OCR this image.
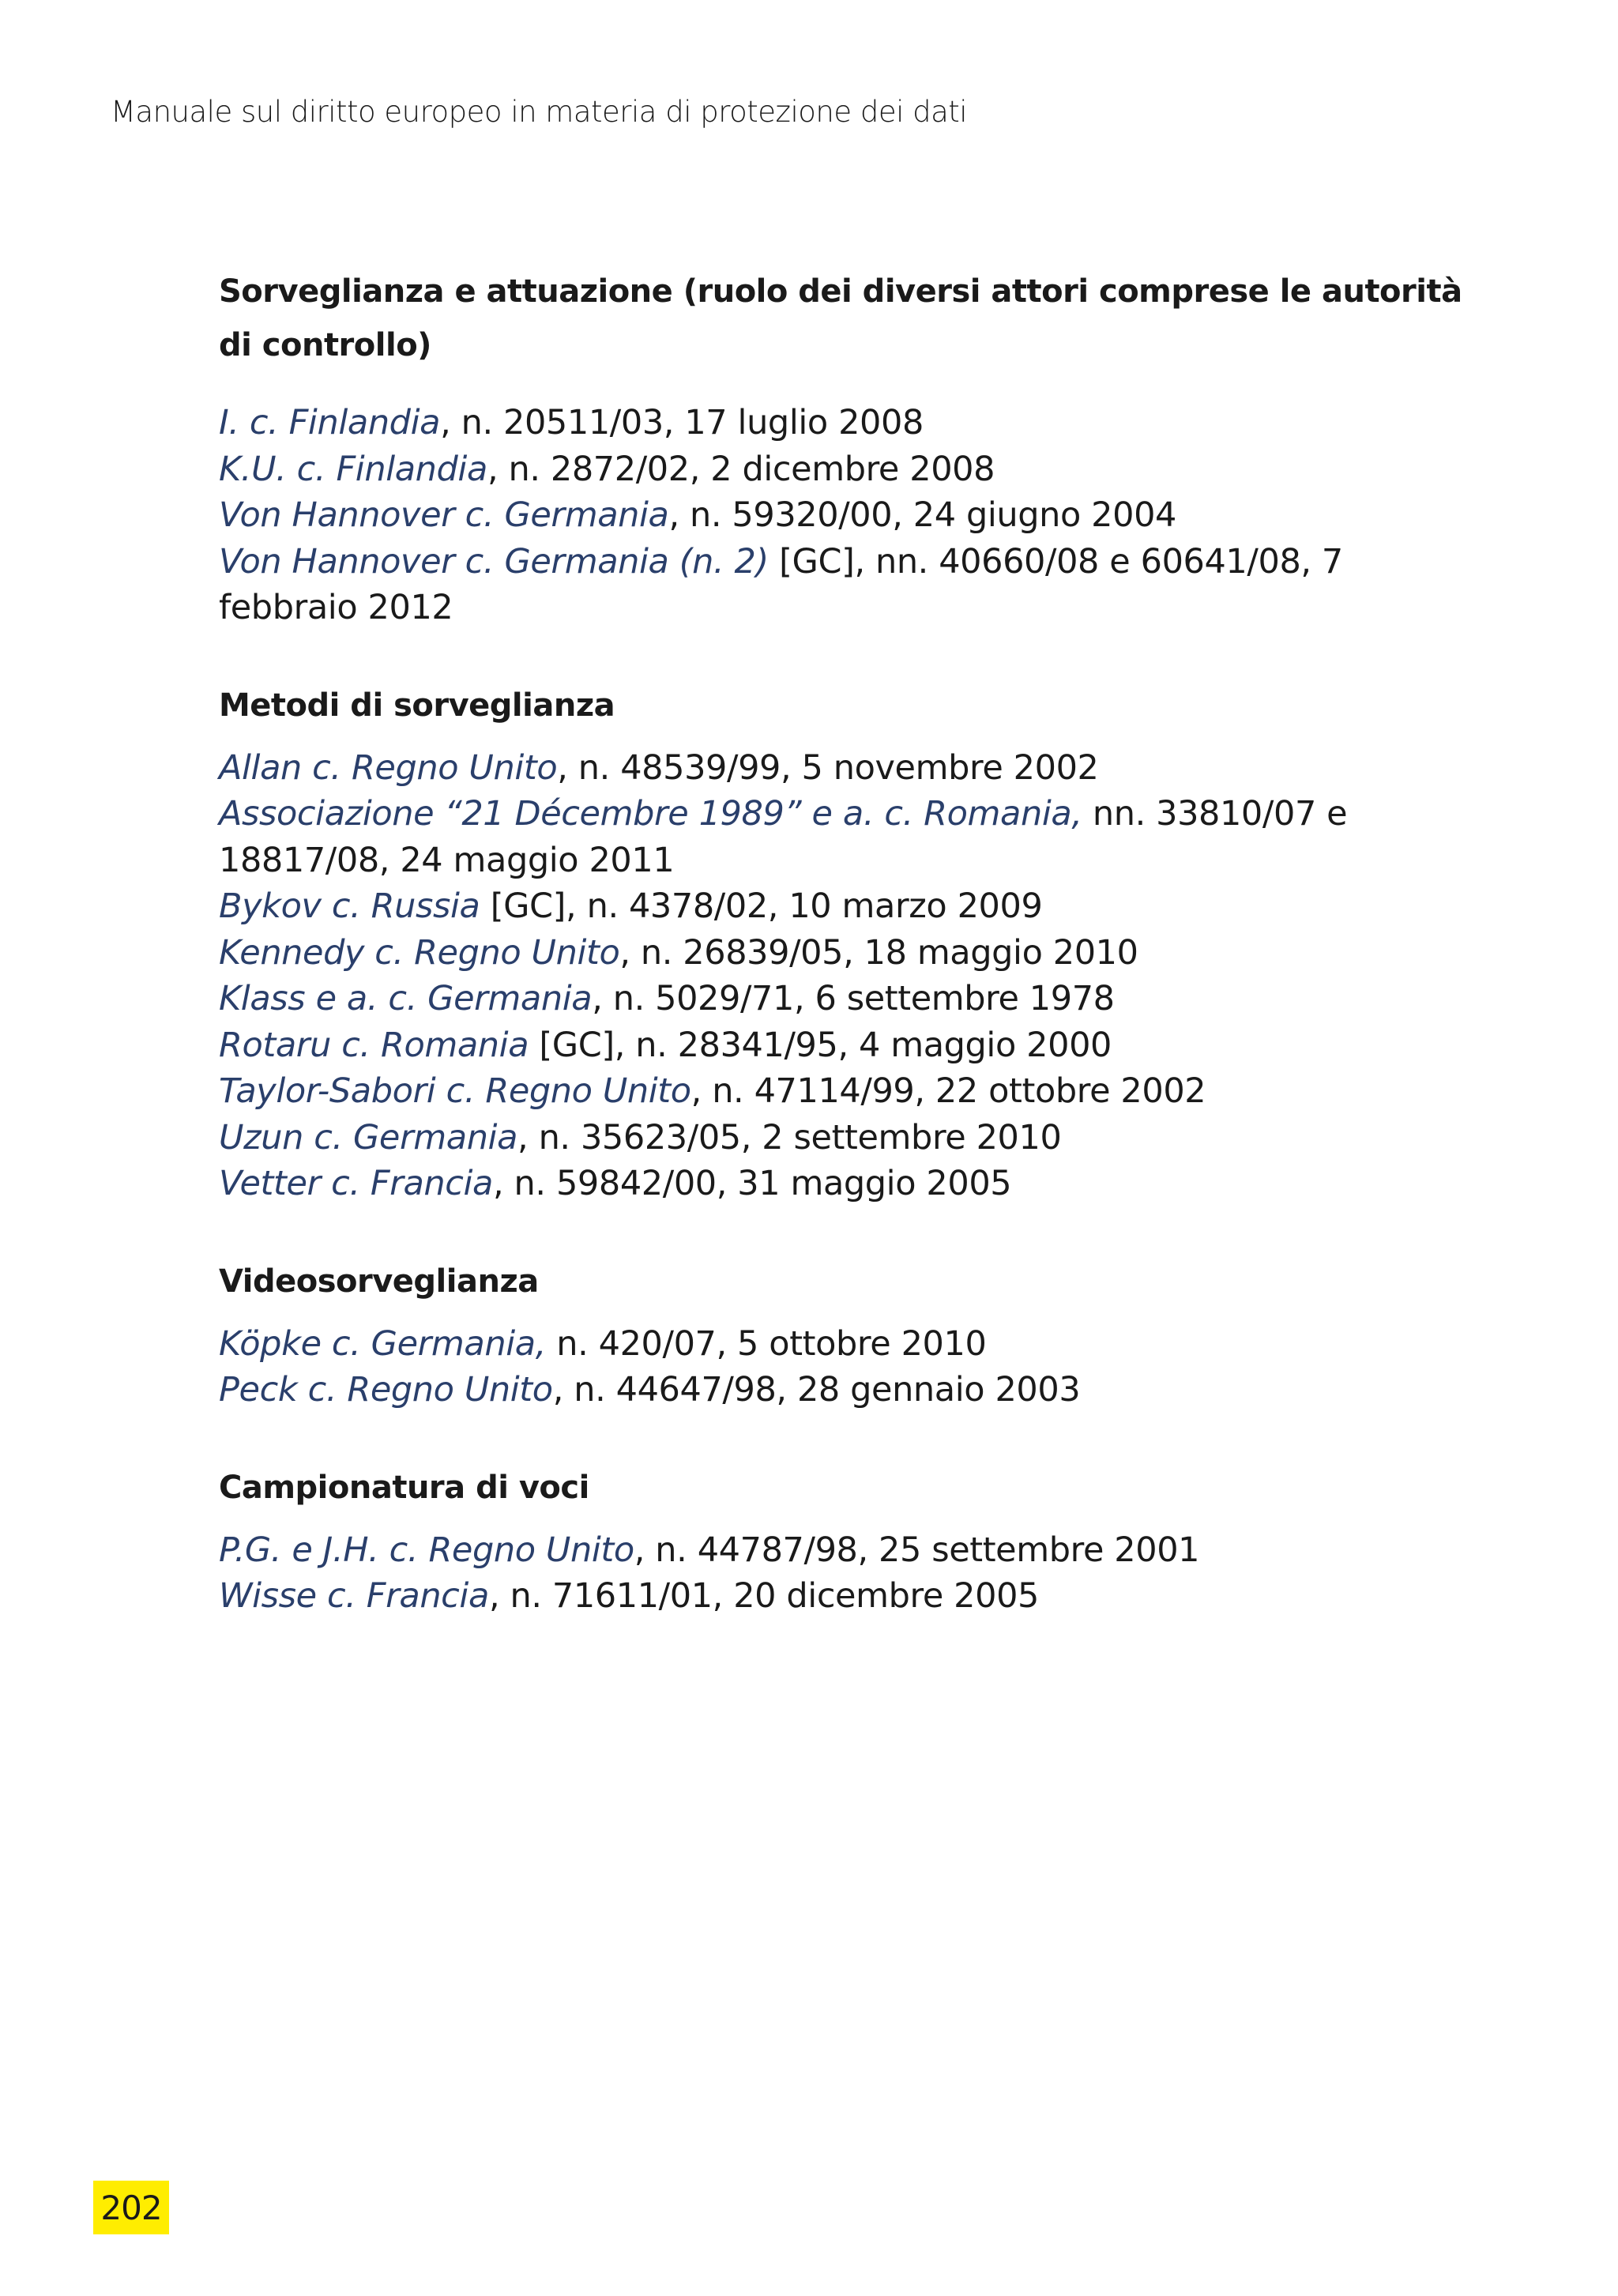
Manuale sul diritto europeo in materia di protezione dei dati
Sorveglianza e attuazione (ruolo dei diversi attori comprese le autorità di controllo)
I. c. Finlandia, n. 20511/03, 17 luglio 2008
K.U. c. Finlandia, n. 2872/02, 2 dicembre 2008
Von Hannover c. Germania, n. 59320/00, 24 giugno 2004
Von Hannover c. Germania (n. 2) [GC], nn. 40660/08 e 60641/08, 7 febbraio 2012
Metodi di sorveglianza
Allan c. Regno Unito, n. 48539/99, 5 novembre 2002
Associazione “21 Décembre 1989” e a. c. Romania, nn. 33810/07 e 18817/08, 24 maggio 2011
Bykov c. Russia [GC], n. 4378/02, 10 marzo 2009
Kennedy c. Regno Unito, n. 26839/05, 18 maggio 2010
Klass e a. c. Germania, n. 5029/71, 6 settembre 1978
Rotaru c. Romania [GC], n. 28341/95, 4 maggio 2000
Taylor-Sabori c. Regno Unito, n. 47114/99, 22 ottobre 2002
Uzun c. Germania, n. 35623/05, 2 settembre 2010
Vetter c. Francia, n. 59842/00, 31 maggio 2005
Videosorveglianza
Köpke c. Germania, n. 420/07, 5 ottobre 2010
Peck c. Regno Unito, n. 44647/98, 28 gennaio 2003
Campionatura di voci
P.G. e J.H. c. Regno Unito, n. 44787/98, 25 settembre 2001
Wisse c. Francia, n. 71611/01, 20 dicembre 2005
202
